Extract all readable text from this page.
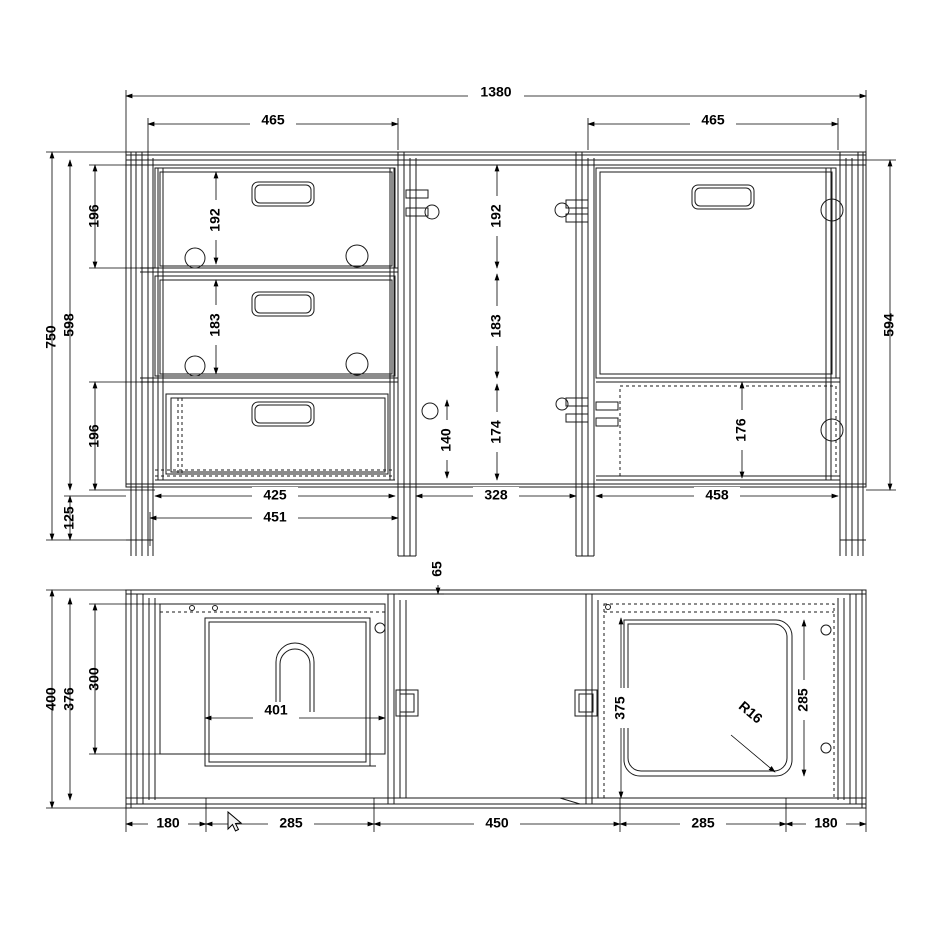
1380
465	465
750
598
196
196
125
192
183
192
183
174
140
594
176
425
451
328	458
65
400 376
300
401	375	285
R16
180	285	450	285	180
